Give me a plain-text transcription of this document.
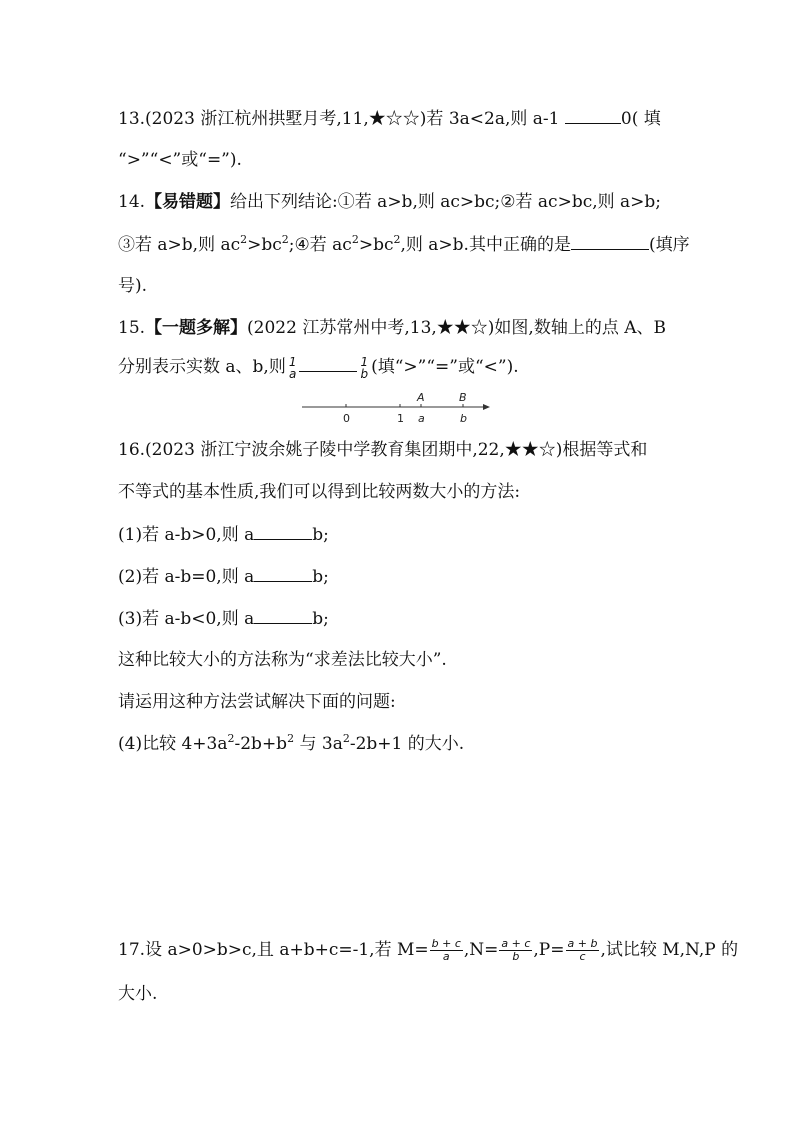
13.(2023 浙江杭州拱墅月考,11,★☆☆)若 3a<2a,则 a-1	0( 填
“>”“<”或“=”).
14.【易错题】给出下列结论:①若 a>b,则 ac>bc;②若 ac>bc,则 a>b;
③若 a>b,则 $ac^2>bc^2;④$若 $ac^2>bc^2$,则 a>b.其中正确的是	(填序
号).
15.【一题多解】(2022 江苏常州中考,13,★★☆)如图,数轴上的点 A、B
分别表示实数 a、b,则 1
a
1
b (填“>”“=”或“<”).
0	1
A
a
B
b
16.(2023 浙江宁波余姚子陵中学教育集团期中,22,★★☆)根据等式和
不等式的基本性质,我们可以得到比较两数大小的方法:
(1)若 a-b>0,则 a	b;
(2)若 a-b=0,则 a	b;
(3)若 a-b<0,则 a	b;
这种比较大小的方法称为“求差法比较大小”.
请运用这种方法尝试解决下面的问题:
(4)比较 $4+3a^2-2b+b^2$ 与 $3a^2-2b+1$ 的大小.
17.设 a>0>b>c,且 a+b+c=-1,若 $M= \frac{b + c}{a} ,N= \frac{a + c}{b} ,P= \frac{a + b}{c}$ ,试比较 M,N,P 的
大小.
